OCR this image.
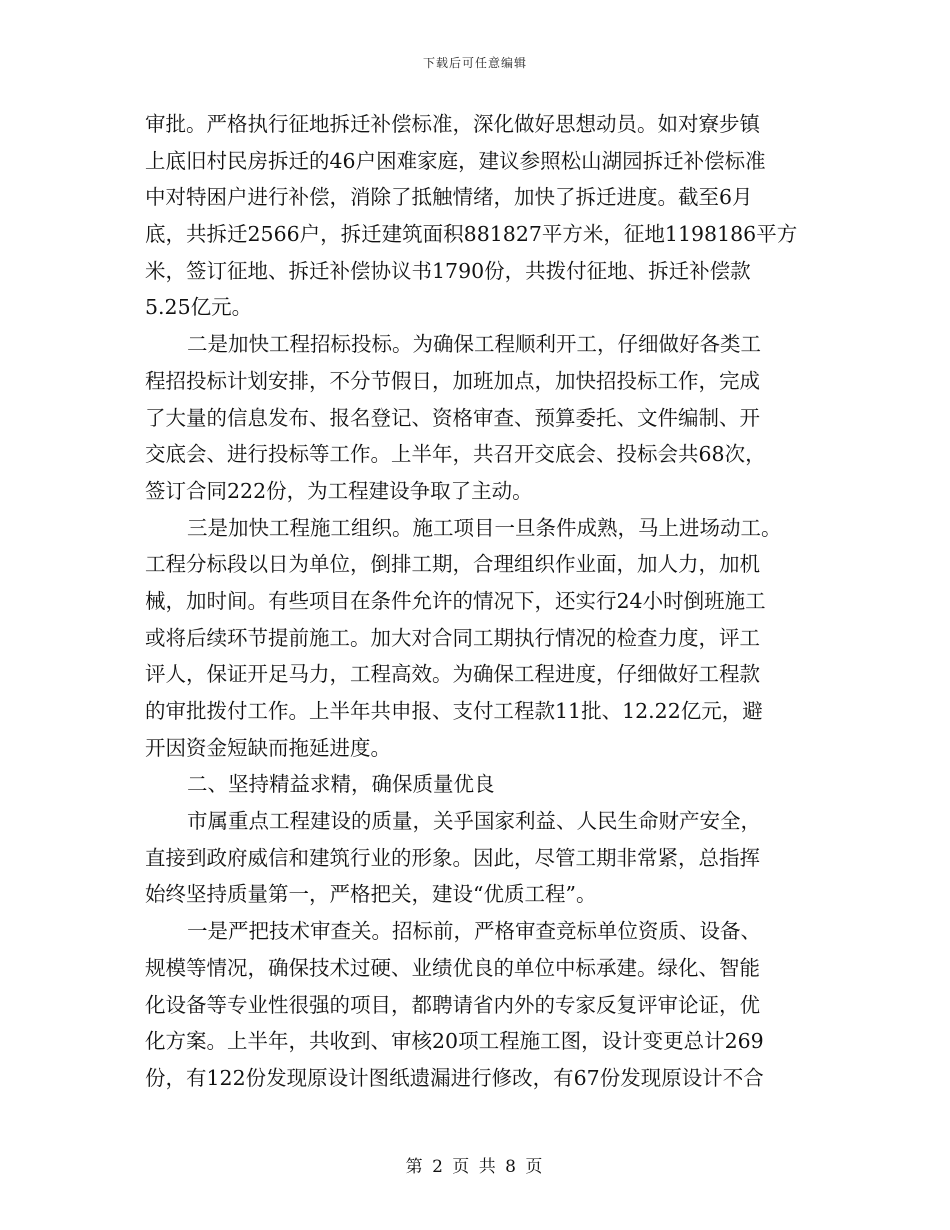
下载后可任意编辑
审批。严格执行征地拆迁补偿标准，深化做好思想动员。如对寮步镇
上底旧村民房拆迁的46户困难家庭，建议参照松山湖园拆迁补偿标准
中对特困户进行补偿，消除了抵触情绪，加快了拆迁进度。截至6月
底，共拆迁2566户，拆迁建筑面积881827平方米，征地1198186平方
米，签订征地、拆迁补偿协议书1790份，共拨付征地、拆迁补偿款
5.25亿元。
二是加快工程招标投标。为确保工程顺利开工，仔细做好各类工
程招投标计划安排，不分节假日，加班加点，加快招投标工作，完成
了大量的信息发布、报名登记、资格审查、预算委托、文件编制、开
交底会、进行投标等工作。上半年，共召开交底会、投标会共68次，
签订合同222份，为工程建设争取了主动。
三是加快工程施工组织。施工项目一旦条件成熟，马上进场动工。
工程分标段以日为单位，倒排工期，合理组织作业面，加人力，加机
械，加时间。有些项目在条件允许的情况下，还实行24小时倒班施工
或将后续环节提前施工。加大对合同工期执行情况的检查力度，评工
评人，保证开足马力，工程高效。为确保工程进度，仔细做好工程款
的审批拨付工作。上半年共申报、支付工程款11批、12.22亿元，避
开因资金短缺而拖延进度。
二、坚持精益求精，确保质量优良
市属重点工程建设的质量，关乎国家利益、人民生命财产安全，
直接到政府威信和建筑行业的形象。因此，尽管工期非常紧，总指挥
始终坚持质量第一，严格把关，建设“优质工程”。
一是严把技术审查关。招标前，严格审查竞标单位资质、设备、
规模等情况，确保技术过硬、业绩优良的单位中标承建。绿化、智能
化设备等专业性很强的项目，都聘请省内外的专家反复评审论证，优
化方案。上半年，共收到、审核20项工程施工图，设计变更总计269
份，有122份发现原设计图纸遗漏进行修改，有67份发现原设计不合
第 2 页 共 8 页
